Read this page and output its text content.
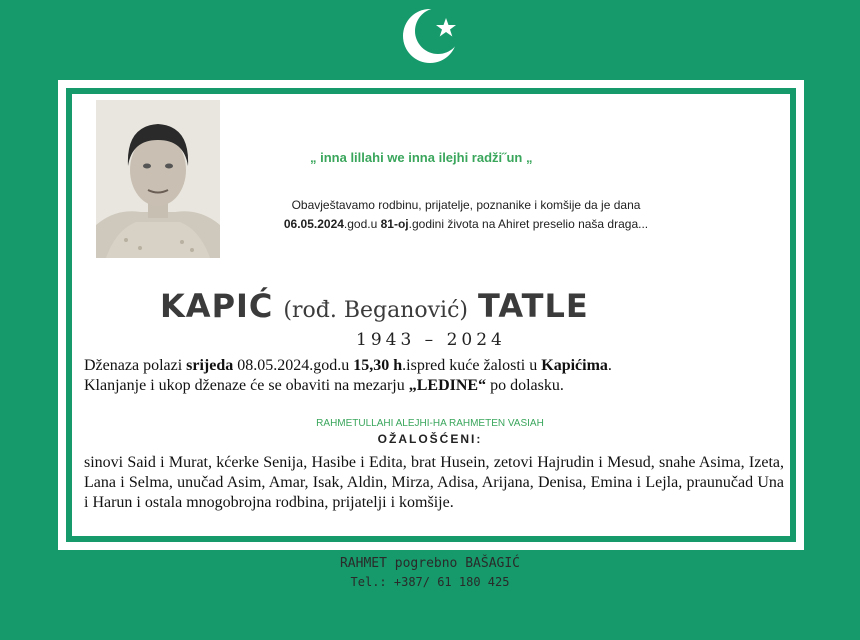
„ inna lillahi we inna ilejhi radži˝un „
Obavještavamo rodbinu, prijatelje, poznanike i komšije da je dana
06.05.2024.god.u 81-oj.godini života na Ahiret preselio naša draga...
KAPIĆ (rođ. Beganović) TATLE
1943 – 2024
Dženaza polazi srijeda 08.05.2024.god.u 15,30 h.ispred kuće žalosti u Kapićima.
Klanjanje i ukop dženaze će se obaviti na mezarju „LEDINE“ po dolasku.
RAHMETULLAHI ALEJHI-HA RAHMETEN VASIAH
OŽALOŠĆENI:
sinovi Said i Murat, kćerke Senija, Hasibe i Edita, brat Husein, zetovi Hajrudin i Mesud, snahe Asima, Izeta, Lana i Selma, unučad Asim, Amar, Isak, Aldin, Mirza, Adisa, Arijana, Denisa, Emina i Lejla, praunučad Una i Harun i ostala mnogobrojna rodbina, prijatelji i komšije.
RAHMET pogrebno BAŠAGIĆ
Tel.: +387/ 61 180 425
